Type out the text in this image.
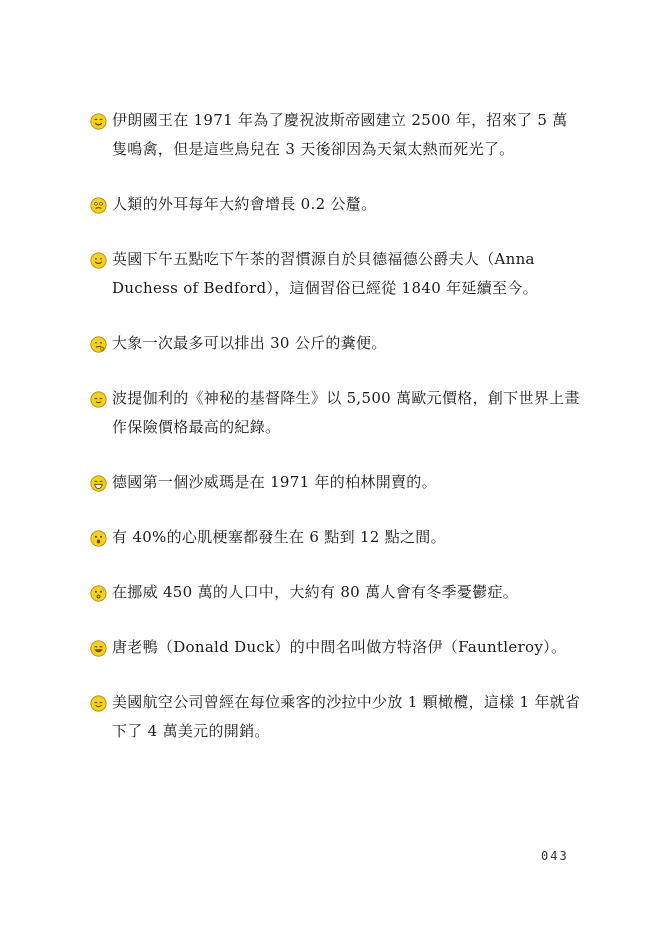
伊朗國王在 1971 年為了慶祝波斯帝國建立 2500 年，招來了 5 萬隻鳴禽，但是這些鳥兒在 3 天後卻因為天氣太熱而死光了。
人類的外耳每年大約會增長 0.2 公釐。
英國下午五點吃下午茶的習慣源自於貝德福德公爵夫人（Anna Duchess of Bedford），這個習俗已經從 1840 年延續至今。
大象一次最多可以排出 30 公斤的糞便。
波提伽利的《神秘的基督降生》以 5,500 萬歐元價格，創下世界上畫作保險價格最高的紀錄。
德國第一個沙威瑪是在 1971 年的柏林開賣的。
有 40%的心肌梗塞都發生在 6 點到 12 點之間。
在挪威 450 萬的人口中，大約有 80 萬人會有冬季憂鬱症。
唐老鴨（Donald Duck）的中間名叫做方特洛伊（Fauntleroy）。
美國航空公司曾經在每位乘客的沙拉中少放 1 顆橄欖，這樣 1 年就省下了 4 萬美元的開銷。
043
